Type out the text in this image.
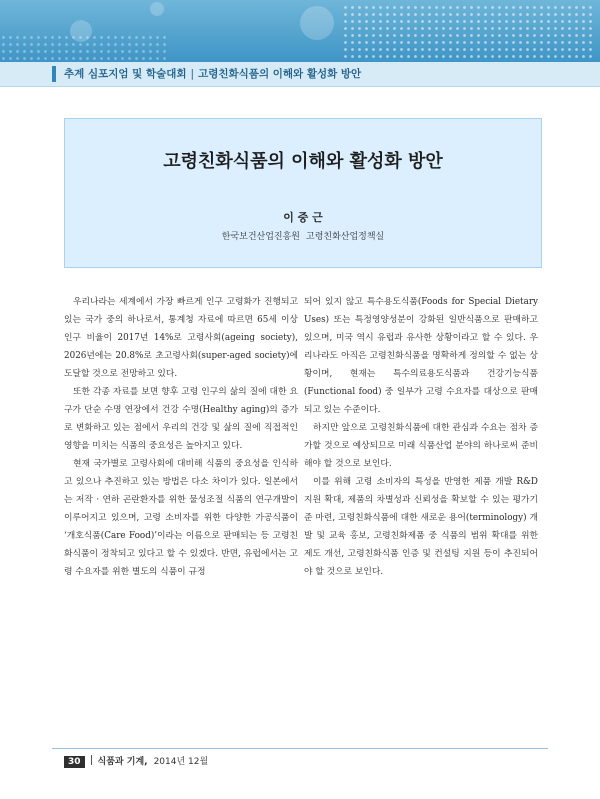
추계 심포지엄 및 학술대회 | 고령친화식품의 이해와 활성화 방안
고령친화식품의 이해와 활성화 방안
이 중 근
한국보건산업진흥원 고령친화산업정책실

우리나라는 세계에서 가장 빠르게 인구 고령화가 진행되고 있는 국가 중의 하나로서, 통계청 자료에 따르면 65세 이상 인구 비율이 2017년 14%로 고령사회(ageing society), 2026년에는 20.8%로 초고령사회(super-aged society)에 도달할 것으로 전망하고 있다.

또한 각종 자료를 보면 향후 고령 인구의 삶의 질에 대한 요구가 단순 수명 연장에서 건강 수명(Healthy aging)의 증가로 변화하고 있는 점에서 우리의 건강 및 삶의 질에 직접적인 영향을 미치는 식품의 중요성은 높아지고 있다.

현재 국가별로 고령사회에 대비해 식품의 중요성을 인식하고 있으나 추진하고 있는 방법은 다소 차이가 있다. 일본에서는 저작 · 연하 곤란환자를 위한 물성조절 식품의 연구개발이 이루어지고 있으며, 고령 소비자를 위한 다양한 가공식품이 ‘개호식품(Care Food)’이라는 이름으로 판매되는 등 고령친화식품이 정착되고 있다고 할 수 있겠다. 반면, 유럽에서는 고령 수요자를 위한 별도의 식품이 규정

되어 있지 않고 특수용도식품(Foods for Special Dietary Uses) 또는 특정영양성분이 강화된 일반식품으로 판매하고 있으며, 미국 역시 유럽과 유사한 상황이라고 할 수 있다. 우리나라도 아직은 고령친화식품을 명확하게 정의할 수 없는 상황이며, 현재는 특수의료용도식품과 건강기능식품(Functional food) 중 일부가 고령 수요자를 대상으로 판매되고 있는 수준이다.

하지만 앞으로 고령친화식품에 대한 관심과 수요는 점차 증가할 것으로 예상되므로 미래 식품산업 분야의 하나로써 준비해야 할 것으로 보인다.

이를 위해 고령 소비자의 특성을 반영한 제품 개발 R&D 지원 확대, 제품의 차별성과 신뢰성을 확보할 수 있는 평가기준 마련, 고령친화식품에 대한 새로운 용어(terminology) 개발 및 교육 홍보, 고령친화제품 중 식품의 범위 확대를 위한 제도 개선, 고령친화식품 인증 및 컨설팅 지원 등이 추진되어야 할 것으로 보인다.

30 식품과 기계, 2014년 12월
